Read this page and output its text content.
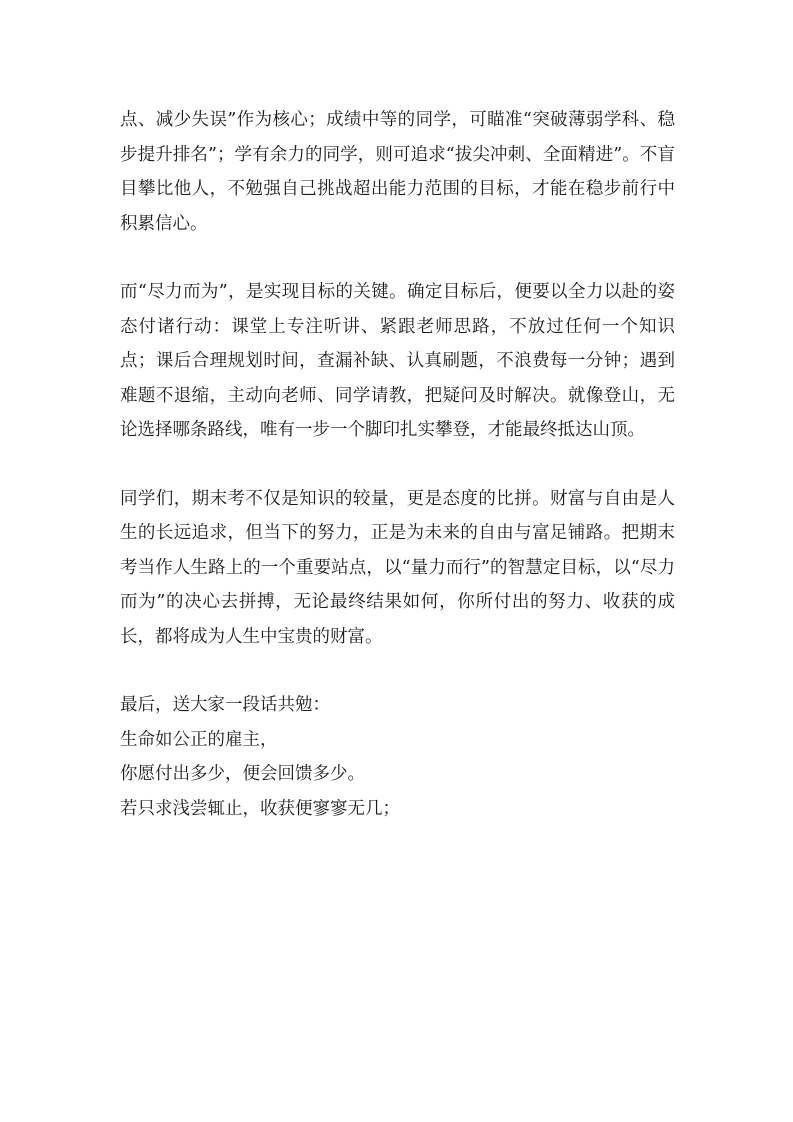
点、减少失误”作为核心；成绩中等的同学，可瞄准“突破薄弱学科、稳步提升排名”；学有余力的同学，则可追求“拔尖冲刺、全面精进”。不盲目攀比他人，不勉强自己挑战超出能力范围的目标，才能在稳步前行中积累信心。

而“尽力而为”，是实现目标的关键。确定目标后，便要以全力以赴的姿态付诸行动：课堂上专注听讲、紧跟老师思路，不放过任何一个知识点；课后合理规划时间，查漏补缺、认真刷题，不浪费每一分钟；遇到难题不退缩，主动向老师、同学请教，把疑问及时解决。就像登山，无论选择哪条路线，唯有一步一个脚印扎实攀登，才能最终抵达山顶。

同学们，期末考不仅是知识的较量，更是态度的比拼。财富与自由是人生的长远追求，但当下的努力，正是为未来的自由与富足铺路。把期末考当作人生路上的一个重要站点，以“量力而行”的智慧定目标，以“尽力而为”的决心去拼搏，无论最终结果如何，你所付出的努力、收获的成长，都将成为人生中宝贵的财富。

最后，送大家一段话共勉：

生命如公正的雇主，

你愿付出多少，便会回馈多少。

若只求浅尝辄止，收获便寥寥无几；
